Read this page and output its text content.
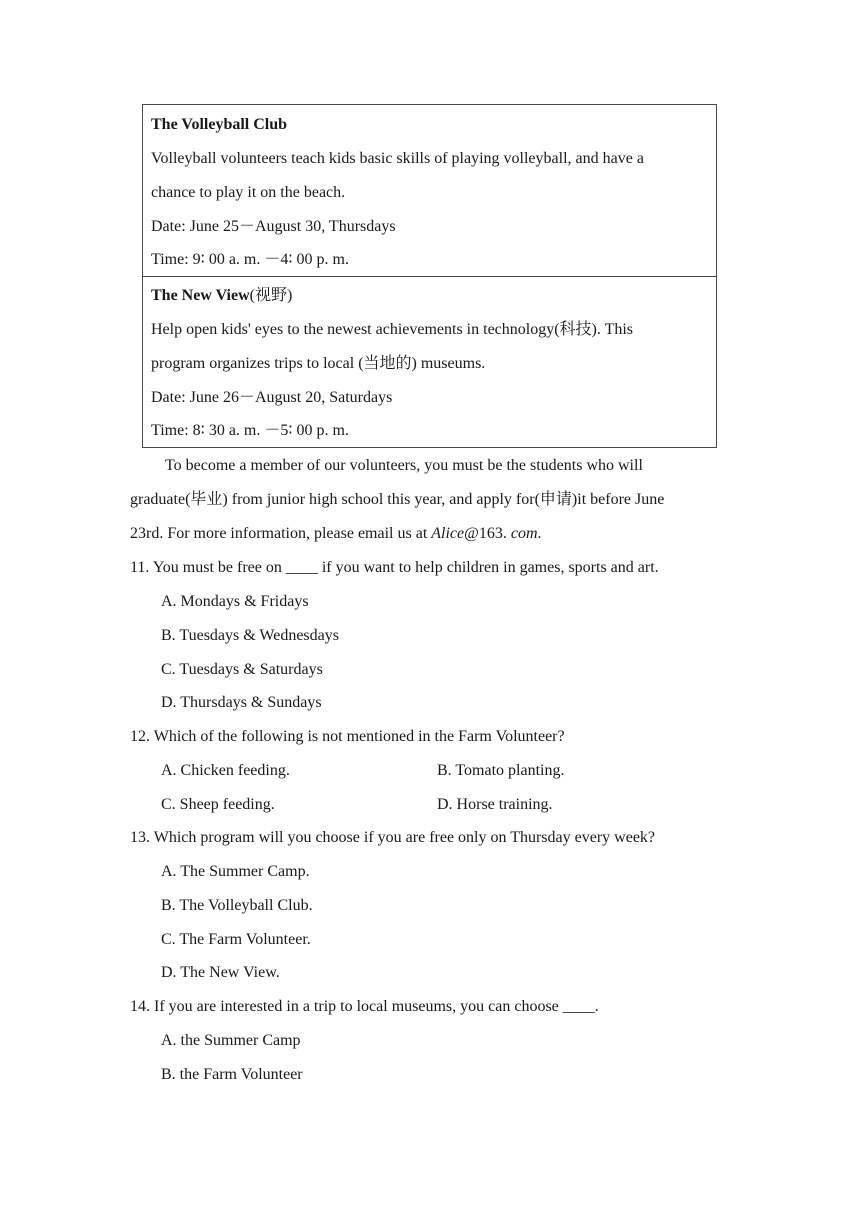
The Volleyball Club
Volleyball volunteers teach kids basic skills of playing volleyball, and have a
chance to play it on the beach.
Date: June 25－August 30, Thursdays
Time: 9∶ 00 a. m. －4∶ 00 p. m.
The New View(视野)
Help open kids' eyes to the newest achievements in technology(科技). This
program organizes trips to local (当地的) museums.
Date: June 26－August 20, Saturdays
Time: 8∶ 30 a. m. －5∶ 00 p. m.
To become a member of our volunteers, you must be the students who will
graduate(毕业) from junior high school this year, and apply for(申请)it before June
23rd. For more information, please email us at Alice@163. com.
11. You must be free on ____ if you want to help children in games, sports and art.
A. Mondays & Fridays
B. Tuesdays & Wednesdays
C. Tuesdays & Saturdays
D. Thursdays & Sundays
12. Which of the following is not mentioned in the Farm Volunteer?
A. Chicken feeding.	B. Tomato planting.
C. Sheep feeding.	D. Horse training.
13. Which program will you choose if you are free only on Thursday every week?
A. The Summer Camp.
B. The Volleyball Club.
C. The Farm Volunteer.
D. The New View.
14. If you are interested in a trip to local museums, you can choose ____.
A. the Summer Camp
B. the Farm Volunteer
